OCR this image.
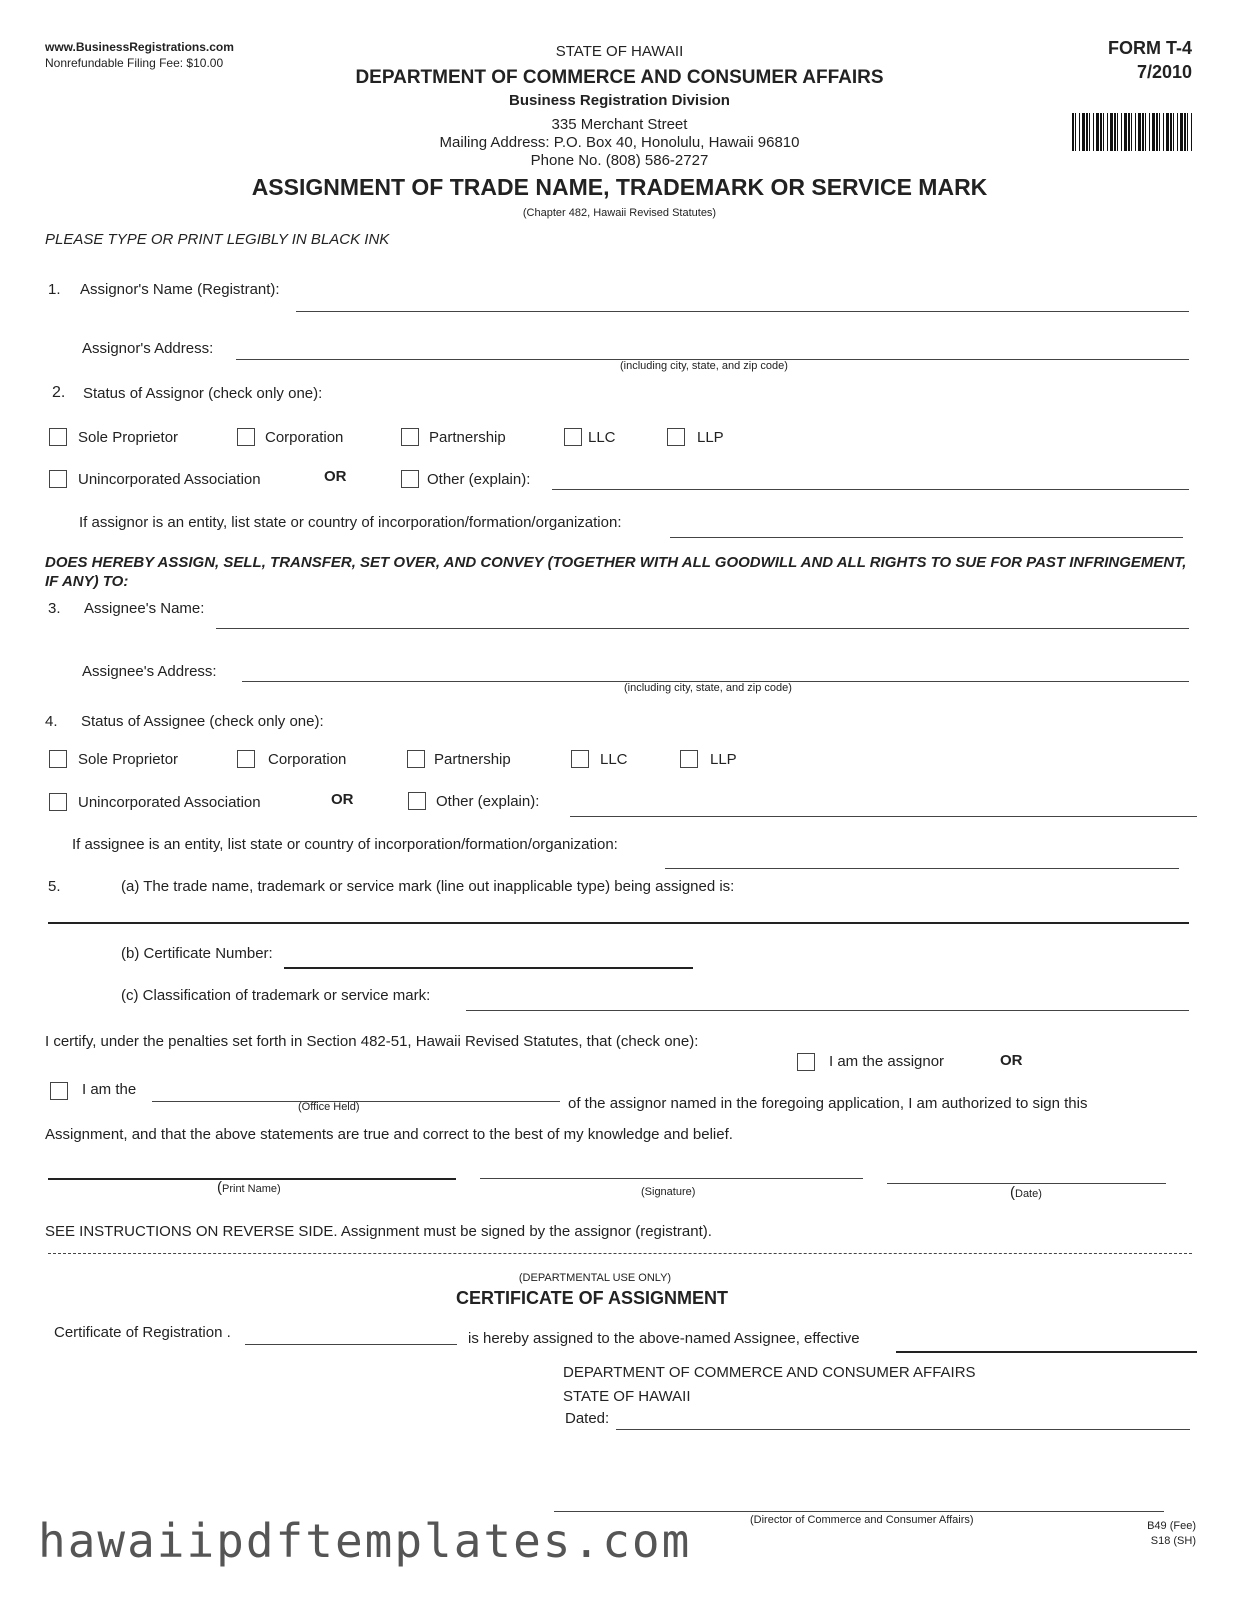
www.BusinessRegistrations.com
Nonrefundable Filing Fee: $10.00
STATE OF HAWAII
DEPARTMENT OF COMMERCE AND CONSUMER AFFAIRS
Business Registration Division
335 Merchant Street
Mailing Address: P.O. Box 40, Honolulu, Hawaii 96810
Phone No. (808) 586-2727
FORM T-4
7/2010
ASSIGNMENT OF TRADE NAME, TRADEMARK OR SERVICE MARK
(Chapter 482, Hawaii Revised Statutes)
PLEASE TYPE OR PRINT LEGIBLY IN BLACK INK
1. Assignor's Name (Registrant):
Assignor's Address:
(including city, state, and zip code)
2. Status of Assignor (check only one):
Sole Proprietor	Corporation	Partnership	LLC	LLP
Unincorporated Association	OR	Other (explain):
If assignor is an entity, list state or country of incorporation/formation/organization:
DOES HEREBY ASSIGN, SELL, TRANSFER, SET OVER, AND CONVEY (TOGETHER WITH ALL GOODWILL AND ALL RIGHTS TO SUE FOR PAST INFRINGEMENT, IF ANY) TO:
3. Assignee's Name:
Assignee's Address:
(including city, state, and zip code)
4. Status of Assignee (check only one):
Sole Proprietor	Corporation	Partnership	LLC	LLP
Unincorporated Association	OR	Other (explain):
If assignee is an entity, list state or country of incorporation/formation/organization:
5.	(a) The trade name, trademark or service mark (line out inapplicable type) being assigned is:
(b) Certificate Number:
(c) Classification of trademark or service mark:
I certify, under the penalties set forth in Section 482-51, Hawaii Revised Statutes, that (check one):
I am the assignor	OR
I am the
(Office Held)	of the assignor named in the foregoing application, I am authorized to sign this
Assignment, and that the above statements are true and correct to the best of my knowledge and belief.
( Print Name)	(Signature)	( Date)
SEE INSTRUCTIONS ON REVERSE SIDE. Assignment must be signed by the assignor (registrant).
(DEPARTMENTAL USE ONLY)
CERTIFICATE OF ASSIGNMENT
Certificate of Registration .	is hereby assigned to the above-named Assignee, effective
DEPARTMENT OF COMMERCE AND CONSUMER AFFAIRS
STATE OF HAWAII
Dated:
(Director of Commerce and Consumer Affairs)	B49 (Fee)
S18 (SH)
hawaiipdftemplates.com
